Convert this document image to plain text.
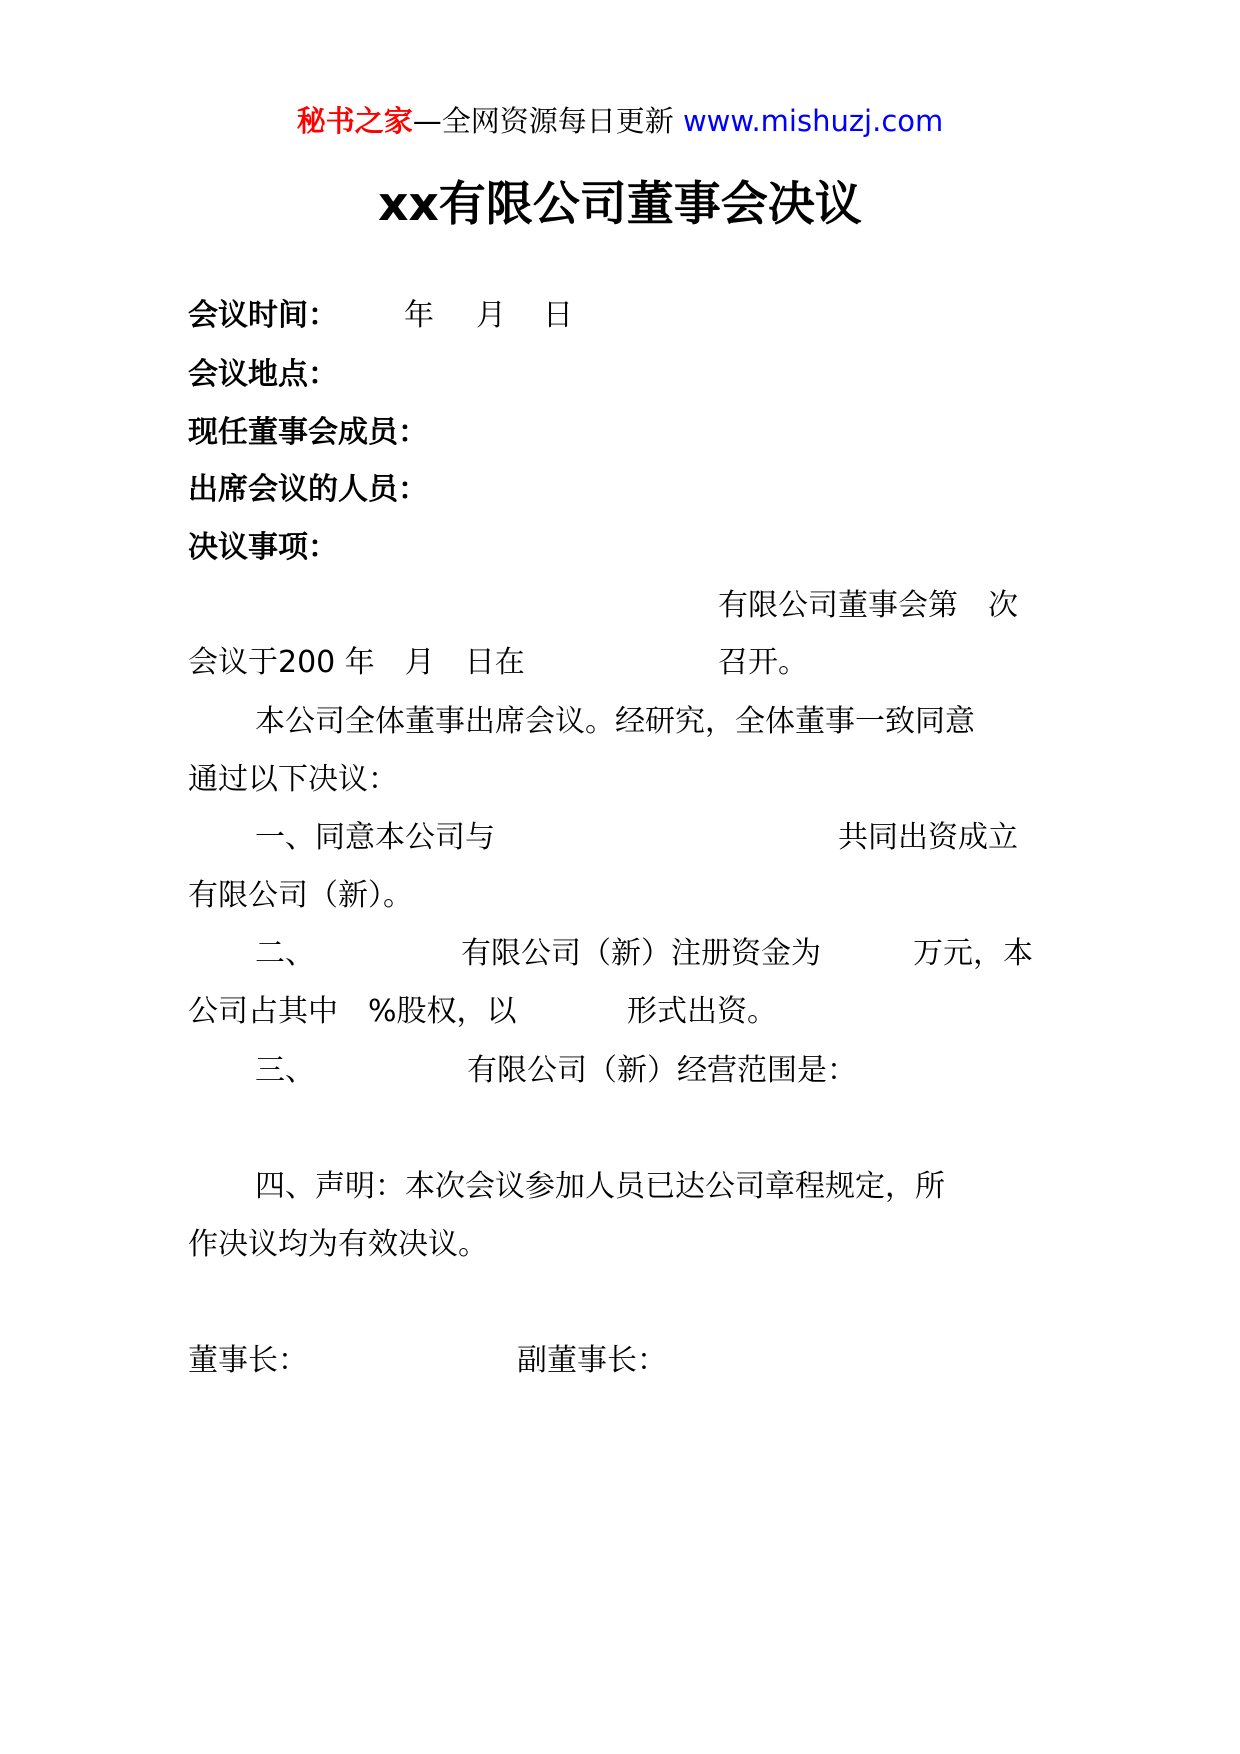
秘书之家—全网资源每日更新 www.mishuzj.com
xx有限公司董事会决议
会议时间： 年 月 日
会议地点：
现任董事会成员：
出席会议的人员：
决议事项：
有限公司董事会第　次
会议于200 年　月　日在	召开。
本公司全体董事出席会议。经研究，全体董事一致同意
通过以下决议：
一、同意本公司与	共同出资成立
有限公司（新）。
二、	有限公司（新）注册资金为	万元，本
公司占其中　%股权，以	形式出资。
三、	有限公司（新）经营范围是：
四、声明：本次会议参加人员已达公司章程规定，所
作决议均为有效决议。
董事长：	副董事长：
